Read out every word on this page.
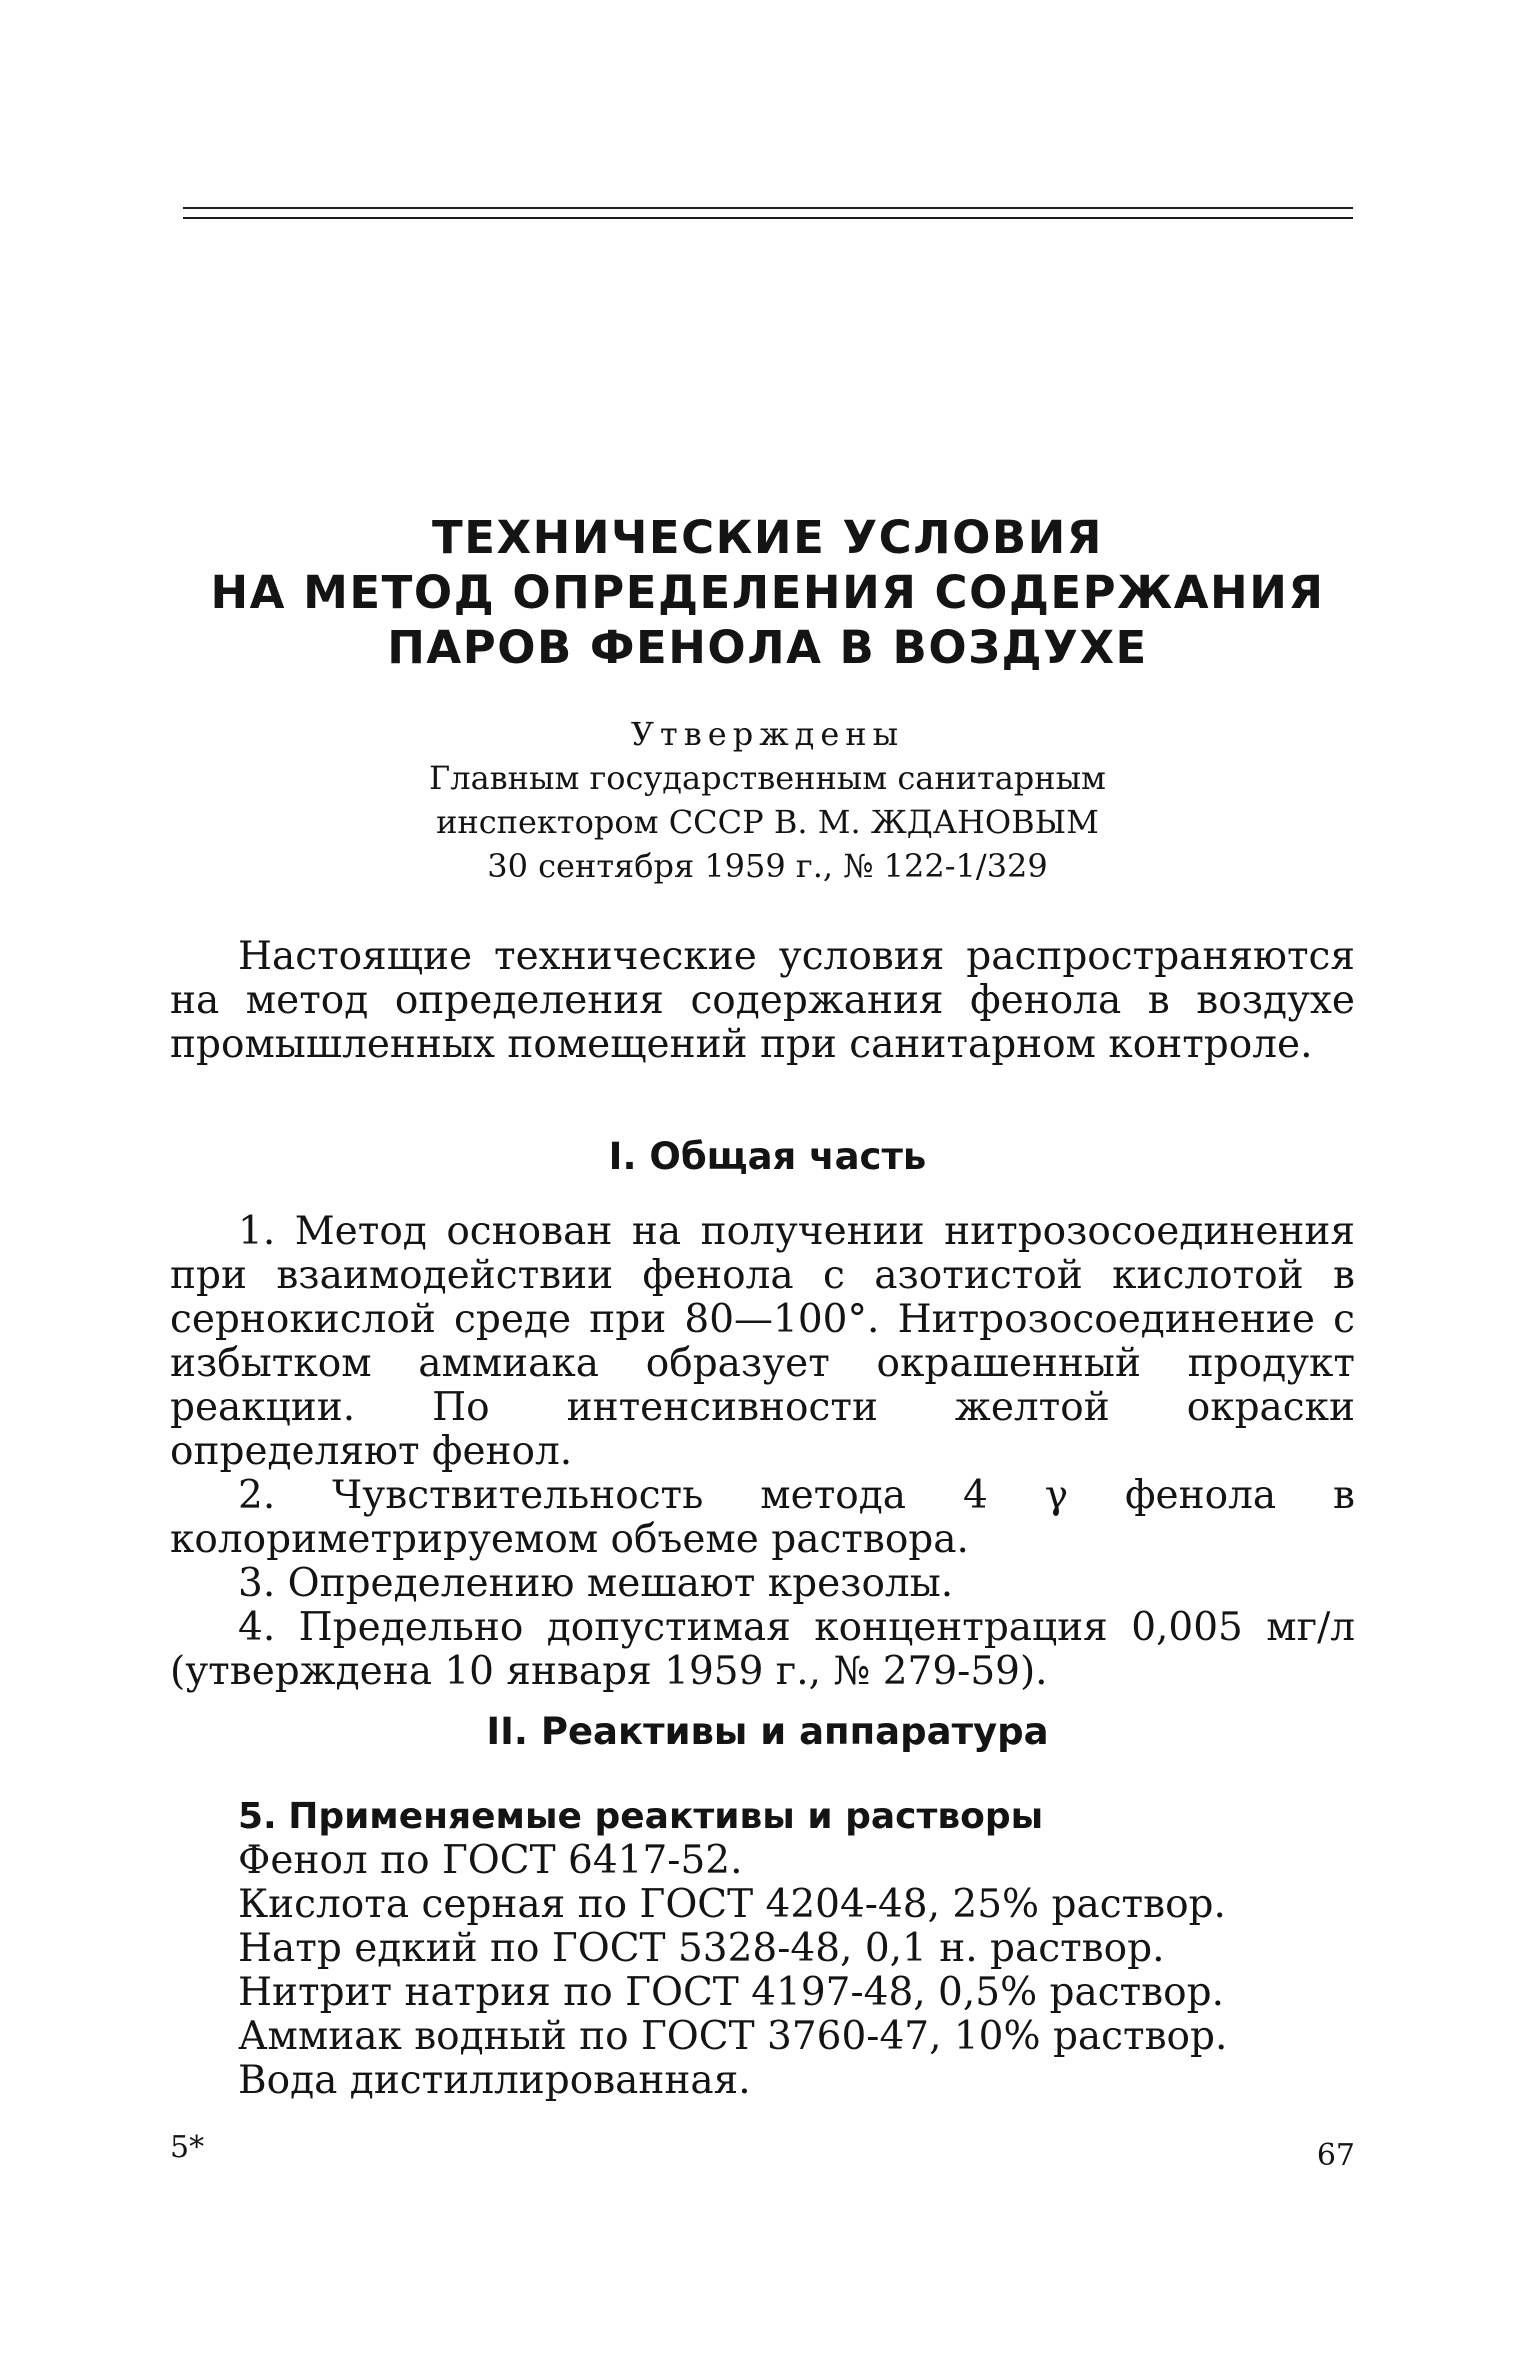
ТЕХНИЧЕСКИЕ УСЛОВИЯ
НА МЕТОД ОПРЕДЕЛЕНИЯ СОДЕРЖАНИЯ
ПАРОВ ФЕНОЛА В ВОЗДУХЕ
Утверждены
Главным государственным санитарным
инспектором СССР В. М. ЖДАНОВЫМ
30 сентября 1959 г., № 122-1/329

Настоящие технические условия распространяются на метод определения содержания фенола в воздухе промышленных помещений при санитарном контроле.

I. Общая часть

1. Метод основан на получении нитрозосоединения при взаимодействии фенола с азотистой кислотой в сернокислой среде при 80—100°. Нитрозосоединение с избытком аммиака образует окрашенный продукт реакции. По интенсивности желтой окраски определяют фенол.

2. Чувствительность метода 4 γ фенола в колориметрируемом объеме раствора.

3. Определению мешают крезолы.

4. Предельно допустимая концентрация 0,005 мг/л (утверждена 10 января 1959 г., № 279-59).

II. Реактивы и аппаратура
5. Применяемые реактивы и растворы
Фенол по ГОСТ 6417-52.
Кислота серная по ГОСТ 4204-48, 25% раствор.
Натр едкий по ГОСТ 5328-48, 0,1 н. раствор.
Нитрит натрия по ГОСТ 4197-48, 0,5% раствор.
Аммиак водный по ГОСТ 3760-47, 10% раствор.
Вода дистиллированная.
5*	67
